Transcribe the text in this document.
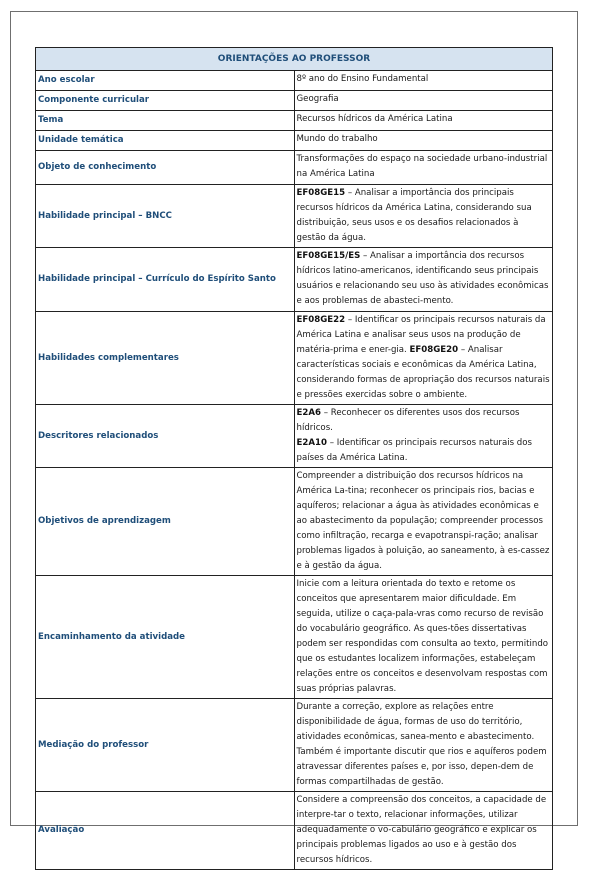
ORIENTAÇÕES AO PROFESSOR	
Ano escolar	8º ano do Ensino Fundamental
Componente curricular	Geografia
Tema	Recursos hídricos da América Latina
Unidade temática	Mundo do trabalho
Objeto de conhecimento	Transformações do espaço na sociedade urbano-industrial na América Latina
Habilidade principal – BNCC	EF08GE15 – Analisar a importância dos principais recursos hídricos da América Latina, considerando sua distribuição, seus usos e os desafios relacionados à gestão da água.
Habilidade principal – Currículo do Espírito Santo	EF08GE15/ES – Analisar a importância dos recursos hídricos latino-americanos, identificando seus principais usuários e relacionando seu uso às atividades econômicas e aos problemas de abasteci-mento.
Habilidades complementares	EF08GE22 – Identificar os principais recursos naturais da América Latina e analisar seus usos na produção de matéria-prima e ener-gia. EF08GE20 – Analisar características sociais e econômicas da América Latina, considerando formas de apropriação dos recursos naturais e pressões exercidas sobre o ambiente.
Descritores relacionados	E2A6 – Reconhecer os diferentes usos dos recursos hídricos.
E2A10 – Identificar os principais recursos naturais dos países da América Latina.

Objetivos de aprendizagem	Compreender a distribuição dos recursos hídricos na América La-tina; reconhecer os principais rios, bacias e aquíferos; relacionar a água às atividades econômicas e ao abastecimento da população; compreender processos como infiltração, recarga e evapotranspi-ração; analisar problemas ligados à poluição, ao saneamento, à es-cassez e à gestão da água.
Encaminhamento da atividade	Inicie com a leitura orientada do texto e retome os conceitos que apresentarem maior dificuldade. Em seguida, utilize o caça-pala-vras como recurso de revisão do vocabulário geográfico. As ques-tões dissertativas podem ser respondidas com consulta ao texto, permitindo que os estudantes localizem informações, estabeleçam relações entre os conceitos e desenvolvam respostas com suas próprias palavras.
Mediação do professor	Durante a correção, explore as relações entre disponibilidade de água, formas de uso do território, atividades econômicas, sanea-mento e abastecimento. Também é importante discutir que rios e aquíferos podem atravessar diferentes países e, por isso, depen-dem de formas compartilhadas de gestão.
Avaliação	Considere a compreensão dos conceitos, a capacidade de interpre-tar o texto, relacionar informações, utilizar adequadamente o vo-cabulário geográfico e explicar os principais problemas ligados ao uso e à gestão dos recursos hídricos.
